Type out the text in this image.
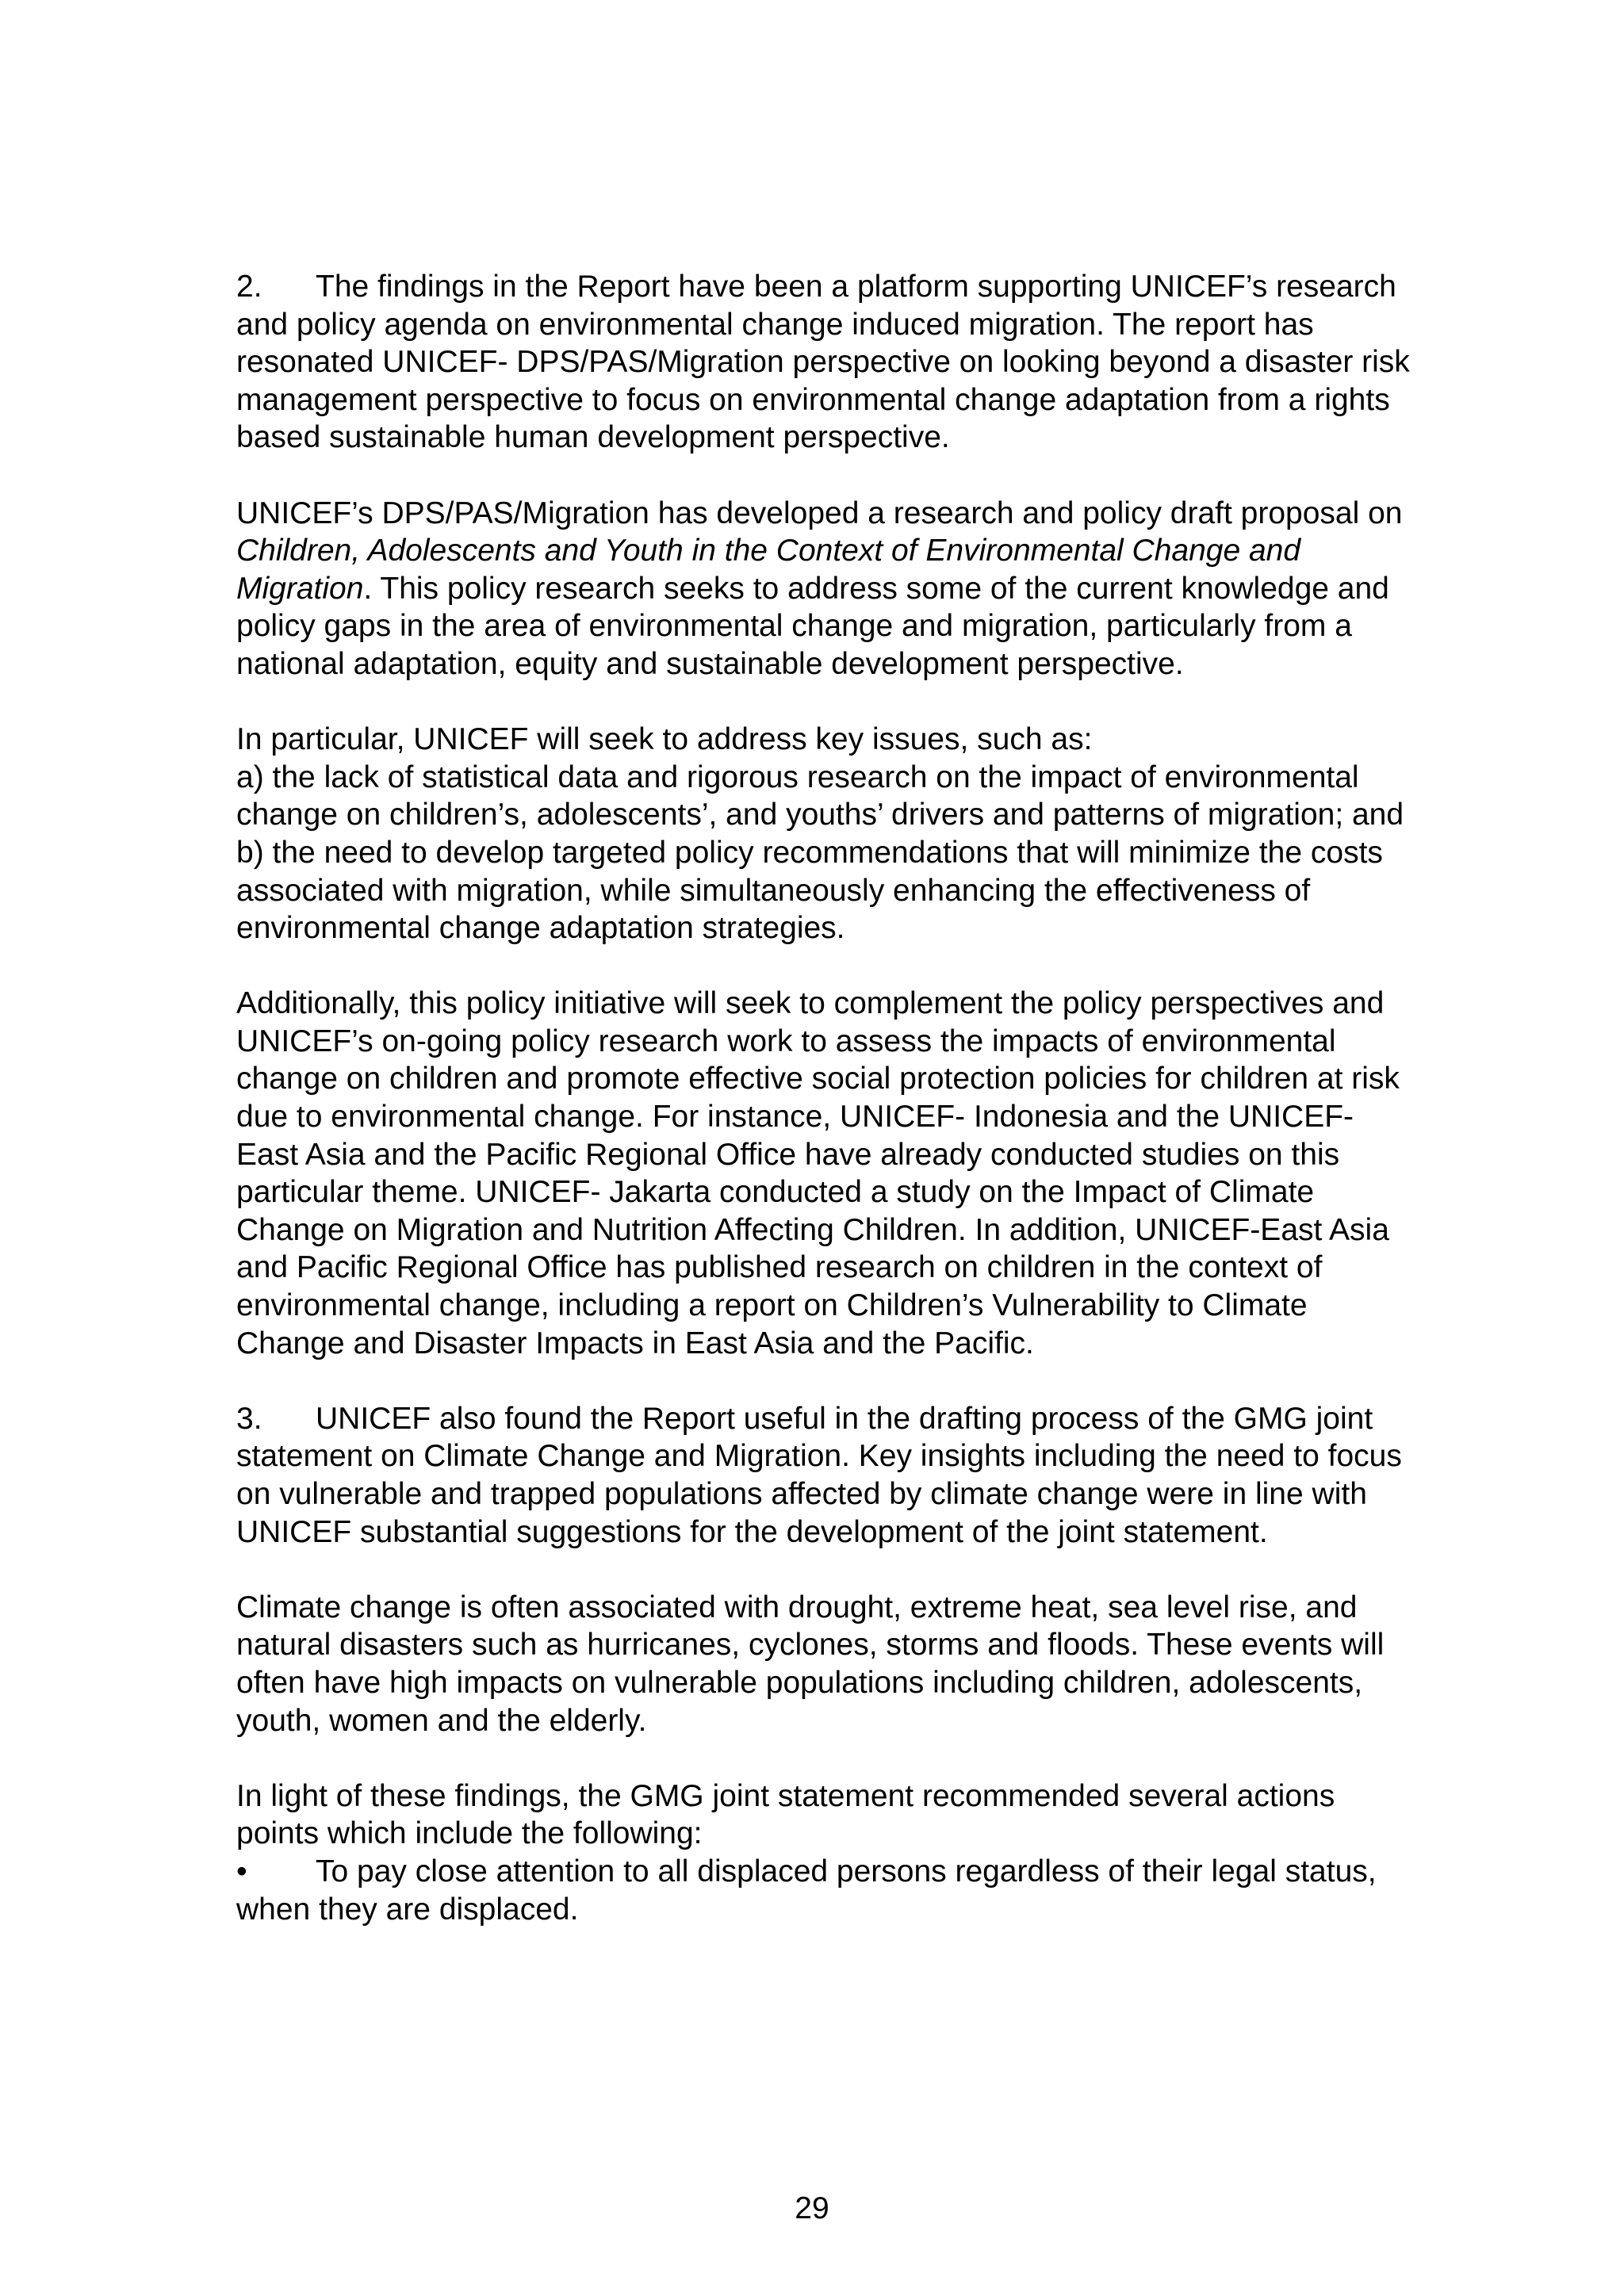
2. The findings in the Report have been a platform supporting UNICEF’s research and policy agenda on environmental change induced migration. The report has resonated UNICEF- DPS/PAS/Migration perspective on looking beyond a disaster risk management perspective to focus on environmental change adaptation from a rights based sustainable human development perspective.

UNICEF’s DPS/PAS/Migration has developed a research and policy draft proposal on Children, Adolescents and Youth in the Context of Environmental Change and Migration. This policy research seeks to address some of the current knowledge and policy gaps in the area of environmental change and migration, particularly from a national adaptation, equity and sustainable development perspective.

In particular, UNICEF will seek to address key issues, such as:

a) the lack of statistical data and rigorous research on the impact of environmental change on children’s, adolescents’, and youths’ drivers and patterns of migration; and

b) the need to develop targeted policy recommendations that will minimize the costs associated with migration, while simultaneously enhancing the effectiveness of environmental change adaptation strategies.

Additionally, this policy initiative will seek to complement the policy perspectives and UNICEF’s on-going policy research work to assess the impacts of environmental change on children and promote effective social protection policies for children at risk due to environmental change. For instance, UNICEF- Indonesia and the UNICEF-East Asia and the Pacific Regional Office have already conducted studies on this particular theme. UNICEF- Jakarta conducted a study on the Impact of Climate Change on Migration and Nutrition Affecting Children. In addition, UNICEF-East Asia and Pacific Regional Office has published research on children in the context of environmental change, including a report on Children’s Vulnerability to Climate Change and Disaster Impacts in East Asia and the Pacific.

3. UNICEF also found the Report useful in the drafting process of the GMG joint statement on Climate Change and Migration. Key insights including the need to focus on vulnerable and trapped populations affected by climate change were in line with UNICEF substantial suggestions for the development of the joint statement.

Climate change is often associated with drought, extreme heat, sea level rise, and natural disasters such as hurricanes, cyclones, storms and floods. These events will often have high impacts on vulnerable populations including children, adolescents, youth, women and the elderly.

In light of these findings, the GMG joint statement recommended several actions points which include the following:

• To pay close attention to all displaced persons regardless of their legal status, when they are displaced.

29
